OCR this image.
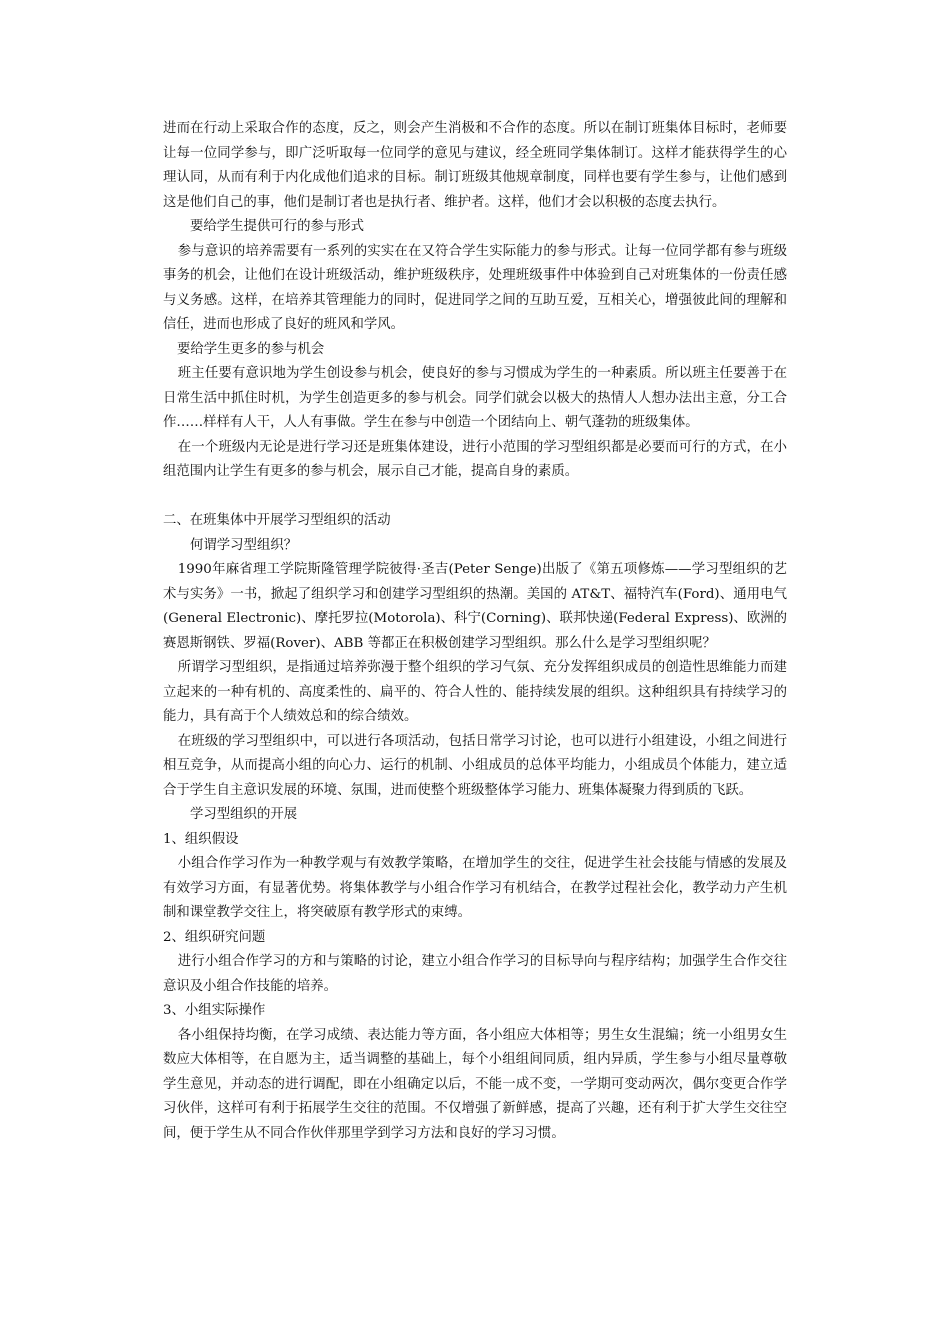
进而在行动上采取合作的态度，反之，则会产生消极和不合作的态度。所以在制订班集体目标时，老师要让每一位同学参与，即广泛听取每一位同学的意见与建议，经全班同学集体制订。这样才能获得学生的心理认同，从而有利于内化成他们追求的目标。制订班级其他规章制度，同样也要有学生参与，让他们感到这是他们自己的事，他们是制订者也是执行者、维护者。这样，他们才会以积极的态度去执行。

要给学生提供可行的参与形式

参与意识的培养需要有一系列的实实在在又符合学生实际能力的参与形式。让每一位同学都有参与班级事务的机会，让他们在设计班级活动，维护班级秩序，处理班级事件中体验到自己对班集体的一份责任感与义务感。这样，在培养其管理能力的同时，促进同学之间的互助互爱，互相关心，增强彼此间的理解和信任，进而也形成了良好的班风和学风。

要给学生更多的参与机会

班主任要有意识地为学生创设参与机会，使良好的参与习惯成为学生的一种素质。所以班主任要善于在日常生活中抓住时机，为学生创造更多的参与机会。同学们就会以极大的热情人人想办法出主意，分工合作……样样有人干，人人有事做。学生在参与中创造一个团结向上、朝气蓬勃的班级集体。

在一个班级内无论是进行学习还是班集体建设，进行小范围的学习型组织都是必要而可行的方式，在小组范围内让学生有更多的参与机会，展示自己才能，提高自身的素质。

二、在班集体中开展学习型组织的活动

何谓学习型组织？

1990年麻省理工学院斯隆管理学院彼得·圣吉(Peter Senge)出版了《第五项修炼——学习型组织的艺术与实务》一书，掀起了组织学习和创建学习型组织的热潮。美国的 AT&T、福特汽车(Ford)、通用电气(General Electronic)、摩托罗拉(Motorola)、科宁(Corning)、联邦快递(Federal Express)、欧洲的赛恩斯钢铁、罗福(Rover)、ABB 等都正在积极创建学习型组织。那么什么是学习型组织呢？

所谓学习型组织，是指通过培养弥漫于整个组织的学习气氛、充分发挥组织成员的创造性思维能力而建立起来的一种有机的、高度柔性的、扁平的、符合人性的、能持续发展的组织。这种组织具有持续学习的能力，具有高于个人绩效总和的综合绩效。

在班级的学习型组织中，可以进行各项活动，包括日常学习讨论，也可以进行小组建设，小组之间进行相互竞争，从而提高小组的向心力、运行的机制、小组成员的总体平均能力，小组成员个体能力，建立适合于学生自主意识发展的环境、氛围，进而使整个班级整体学习能力、班集体凝聚力得到质的飞跃。

学习型组织的开展

1、组织假设

小组合作学习作为一种教学观与有效教学策略，在增加学生的交往，促进学生社会技能与情感的发展及有效学习方面，有显著优势。将集体教学与小组合作学习有机结合，在教学过程社会化，教学动力产生机制和课堂教学交往上，将突破原有教学形式的束缚。

2、组织研究问题

进行小组合作学习的方和与策略的讨论，建立小组合作学习的目标导向与程序结构；加强学生合作交往意识及小组合作技能的培养。

3、小组实际操作

各小组保持均衡，在学习成绩、表达能力等方面，各小组应大体相等；男生女生混编；统一小组男女生数应大体相等，在自愿为主，适当调整的基础上，每个小组组间同质，组内异质，学生参与小组尽量尊敬学生意见，并动态的进行调配，即在小组确定以后，不能一成不变，一学期可变动两次，偶尔变更合作学习伙伴，这样可有利于拓展学生交往的范围。不仅增强了新鲜感，提高了兴趣，还有利于扩大学生交往空间，便于学生从不同合作伙伴那里学到学习方法和良好的学习习惯。
